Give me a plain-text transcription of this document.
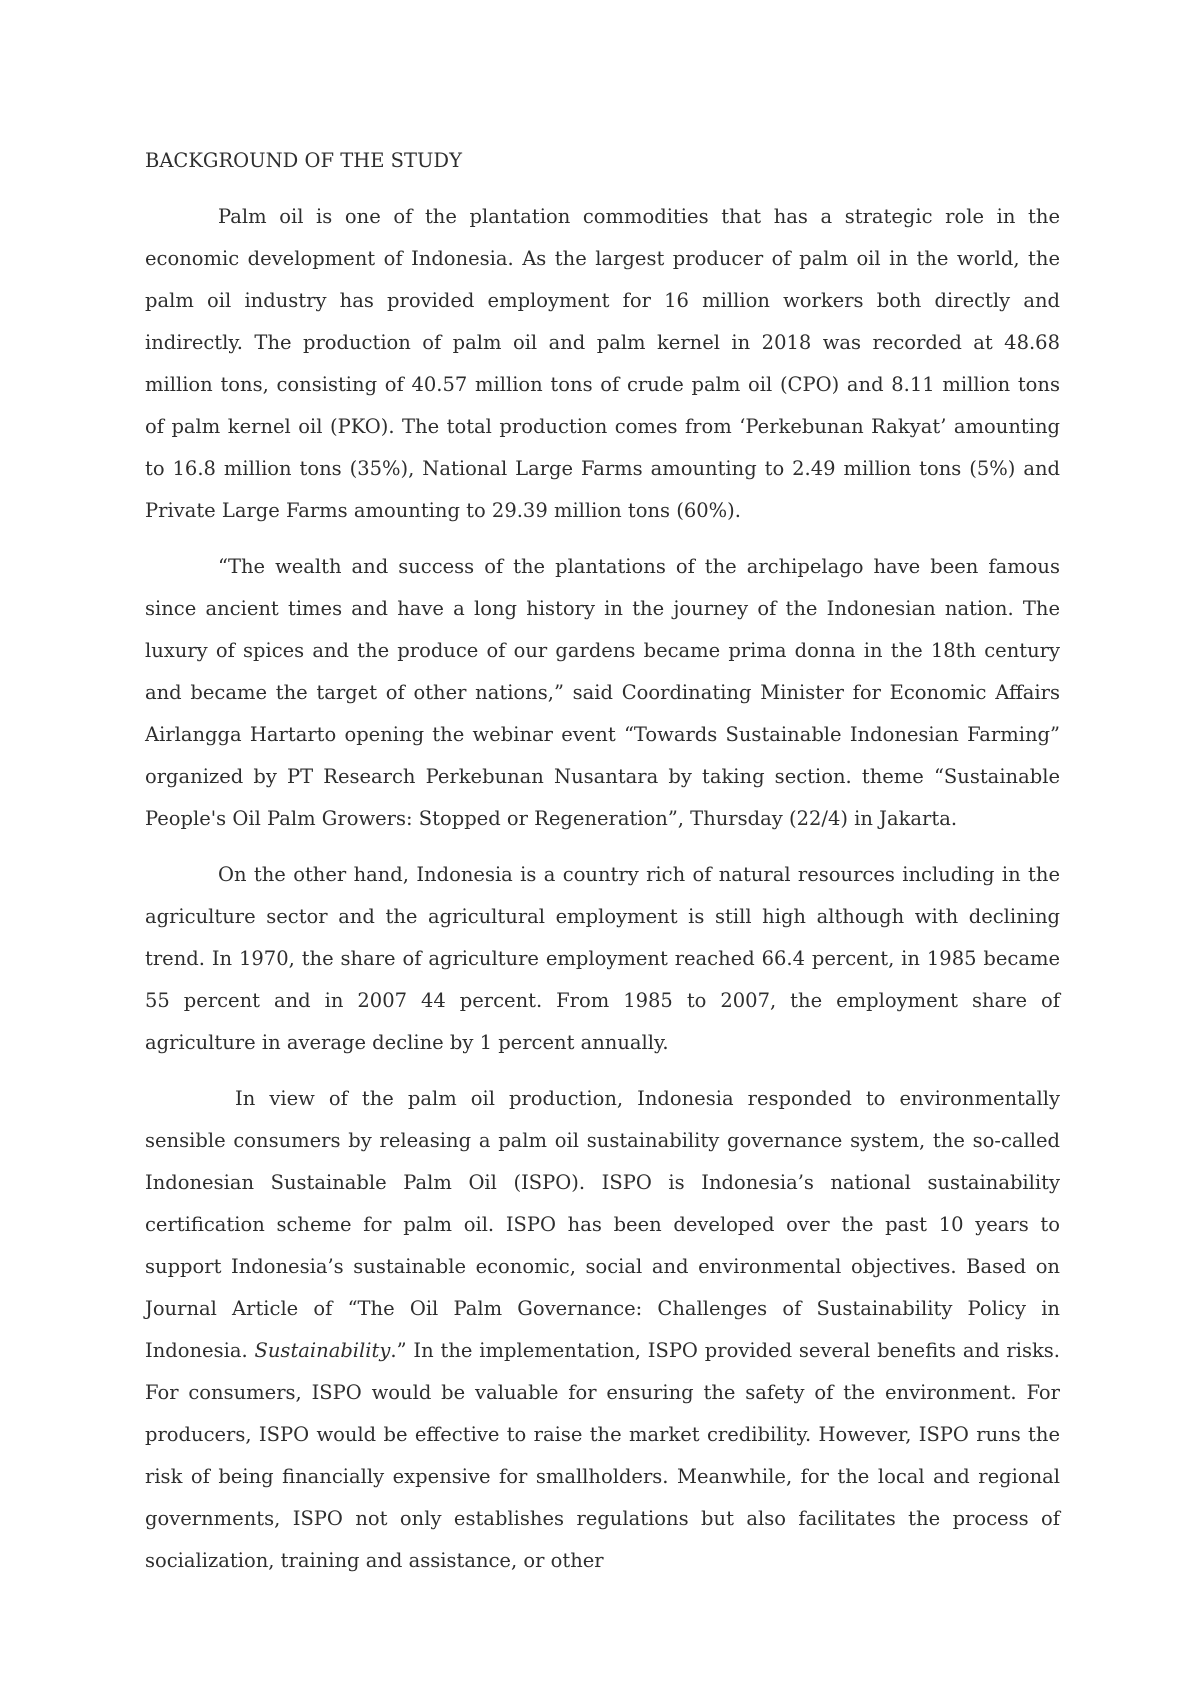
BACKGROUND OF THE STUDY

Palm oil is one of the plantation commodities that has a strategic role in the economic development of Indonesia. As the largest producer of palm oil in the world, the palm oil industry has provided employment for 16 million workers both directly and indirectly. The production of palm oil and palm kernel in 2018 was recorded at 48.68 million tons, consisting of 40.57 million tons of crude palm oil (CPO) and 8.11 million tons of palm kernel oil (PKO). The total production comes from ‘Perkebunan Rakyat’ amounting to 16.8 million tons (35%), National Large Farms amounting to 2.49 million tons (5%) and Private Large Farms amounting to 29.39 million tons (60%).

“The wealth and success of the plantations of the archipelago have been famous since ancient times and have a long history in the journey of the Indonesian nation. The luxury of spices and the produce of our gardens became prima donna in the 18th century and became the target of other nations,” said Coordinating Minister for Economic Affairs Airlangga Hartarto opening the webinar event “Towards Sustainable Indonesian Farming” organized by PT Research Perkebunan Nusantara by taking section. theme “Sustainable People's Oil Palm Growers: Stopped or Regeneration”, Thursday (22/4) in Jakarta.

On the other hand, Indonesia is a country rich of natural resources including in the agriculture sector and the agricultural employment is still high although with declining trend. In 1970, the share of agriculture employment reached 66.4 percent, in 1985 became 55 percent and in 2007 44 percent. From 1985 to 2007, the employment share of agriculture in average decline by 1 percent annually.

In view of the palm oil production, Indonesia responded to environmentally sensible consumers by releasing a palm oil sustainability governance system, the so-called Indonesian Sustainable Palm Oil (ISPO). ISPO is Indonesia’s national sustainability certification scheme for palm oil. ISPO has been developed over the past 10 years to support Indonesia’s sustainable economic, social and environmental objectives. Based on Journal Article of “The Oil Palm Governance: Challenges of Sustainability Policy in Indonesia. Sustainability.” In the implementation, ISPO provided several benefits and risks. For consumers, ISPO would be valuable for ensuring the safety of the environment. For producers, ISPO would be effective to raise the market credibility. However, ISPO runs the risk of being financially expensive for smallholders. Meanwhile, for the local and regional governments, ISPO not only establishes regulations but also facilitates the process of socialization, training and assistance, or other
